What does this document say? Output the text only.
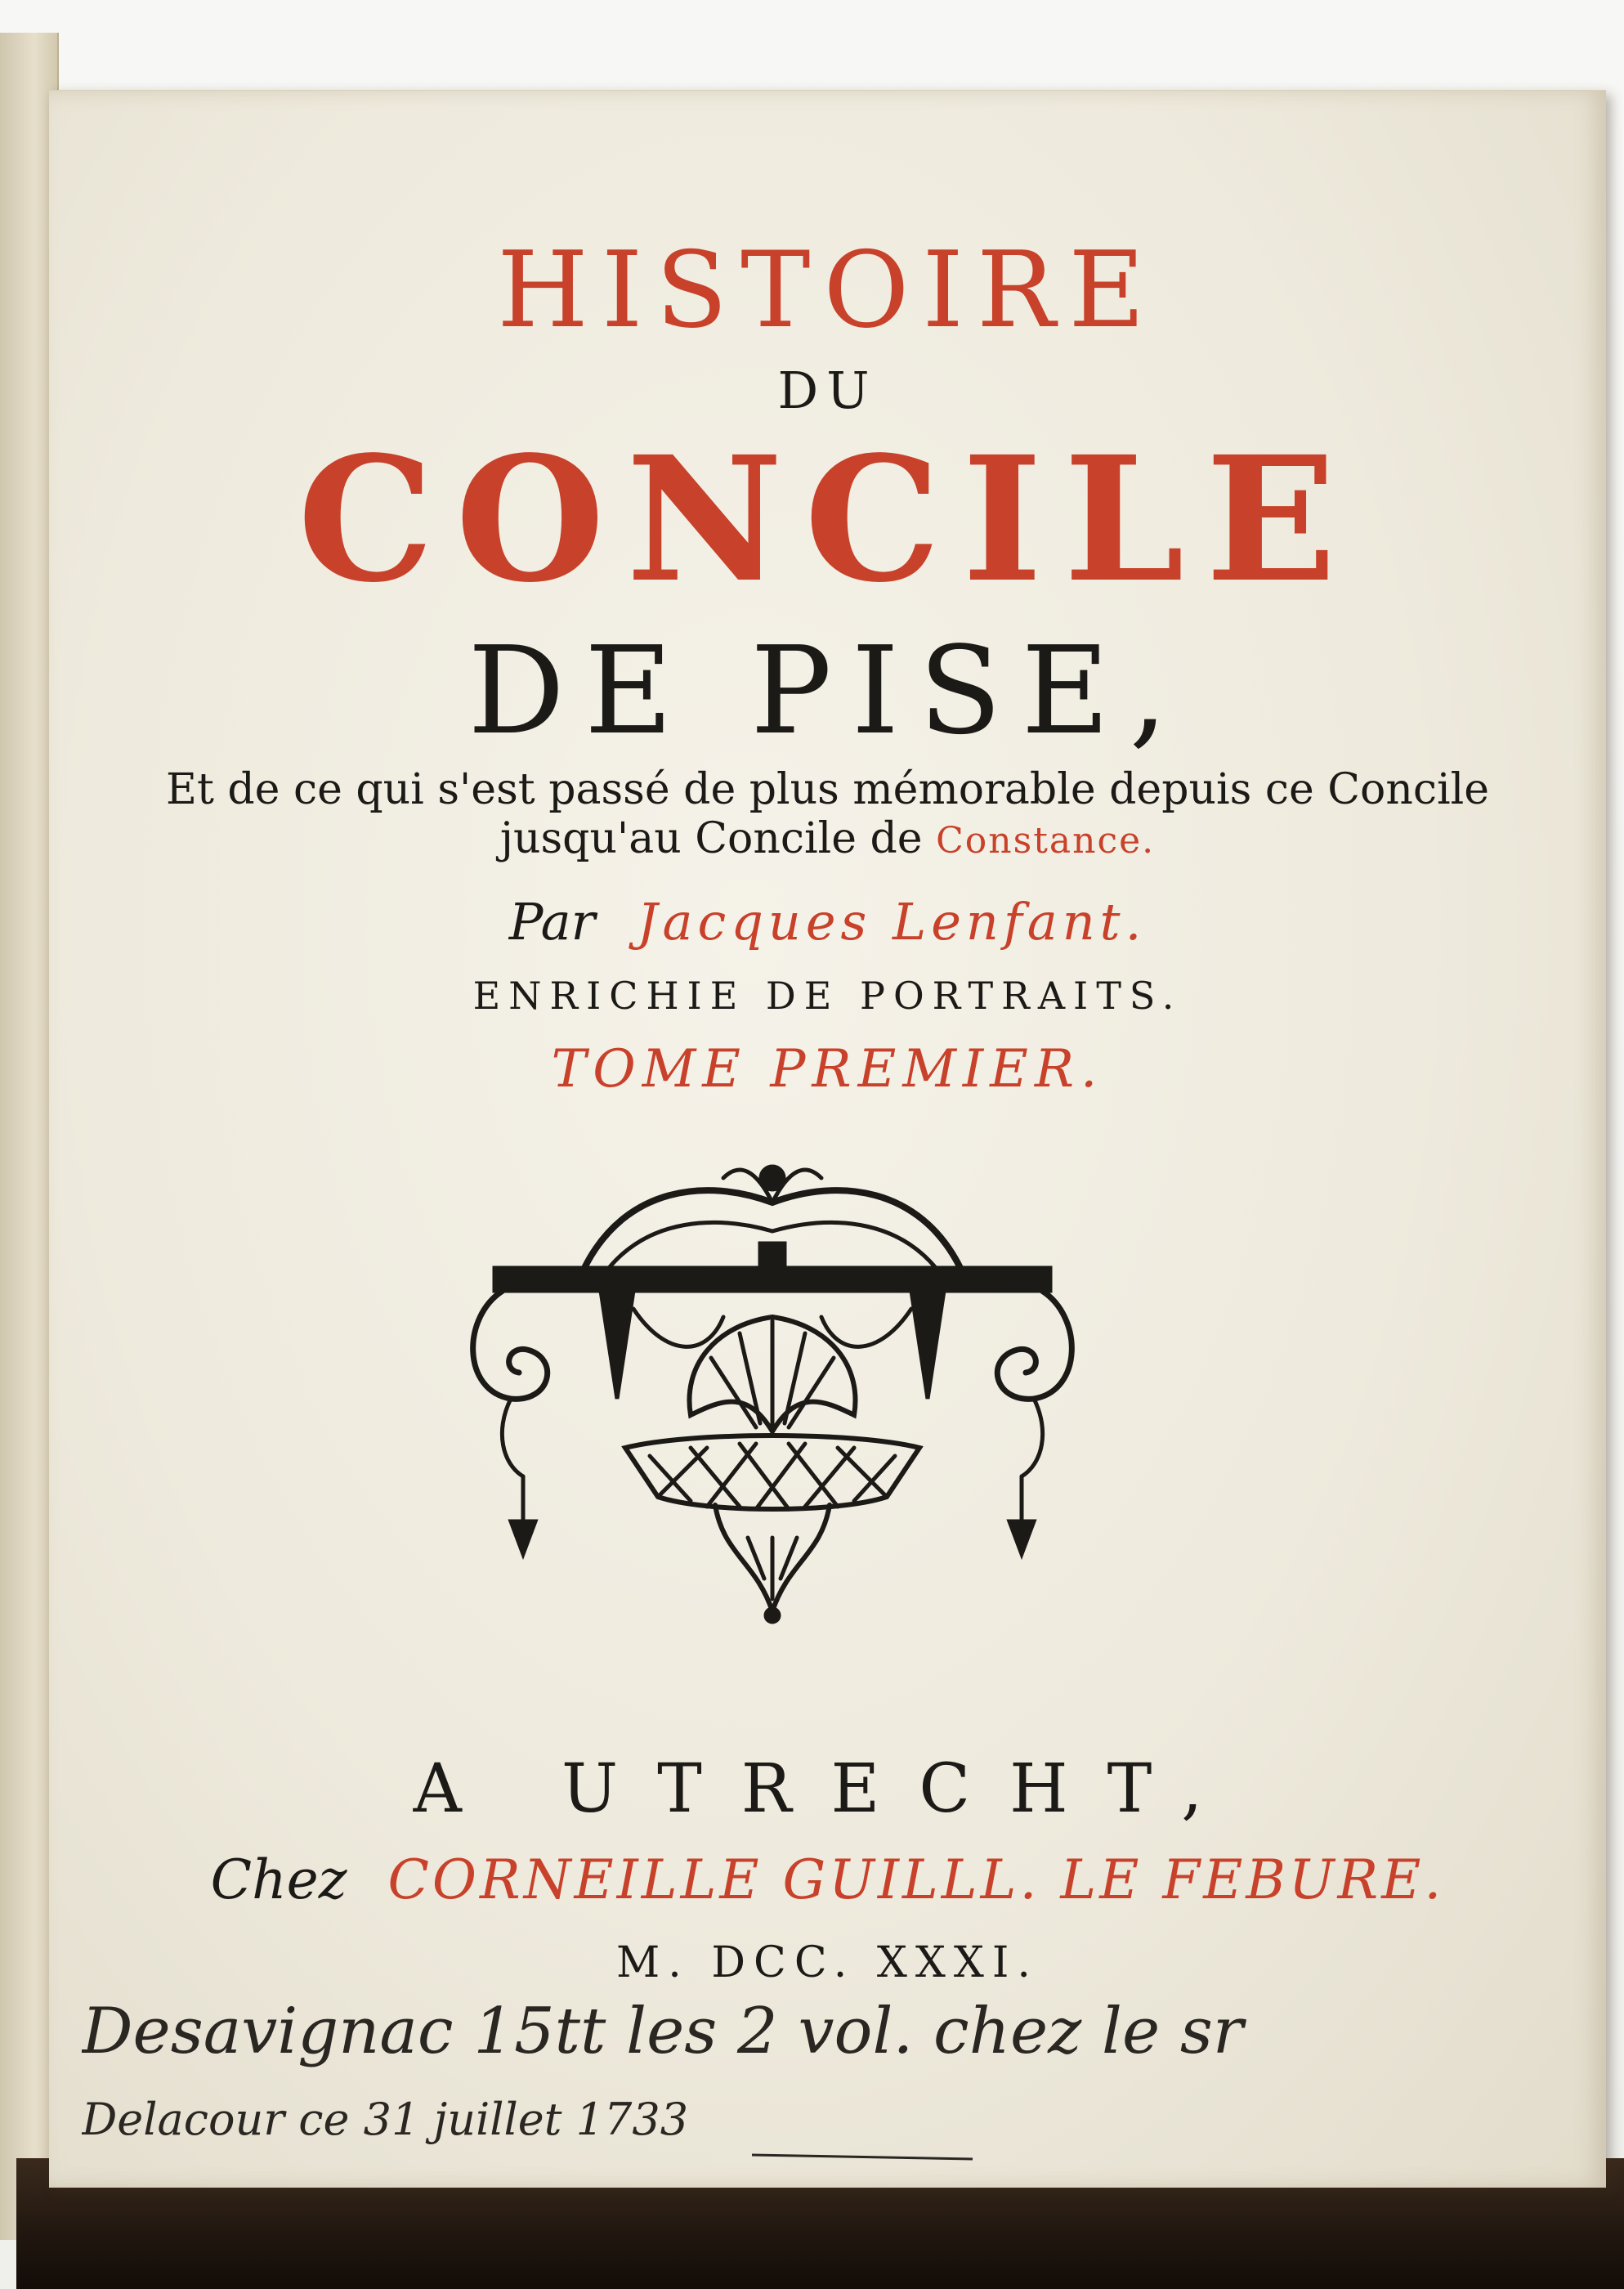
HISTOIRE
DU
CONCILE
DE PISE,
Et de ce qui s'est passé de plus mémorable depuis ce Concile
jusqu'au Concile de Constance.
Par Jacques Lenfant.
ENRICHIE DE PORTRAITS.
TOME PREMIER.
A UTRECHT,
Chez CORNEILLE GUILLL. LE FEBURE.
M. DCC. XXXI.
Desavignac 15tt les 2 vol. chez le sr
Delacour ce 31 juillet 1733
